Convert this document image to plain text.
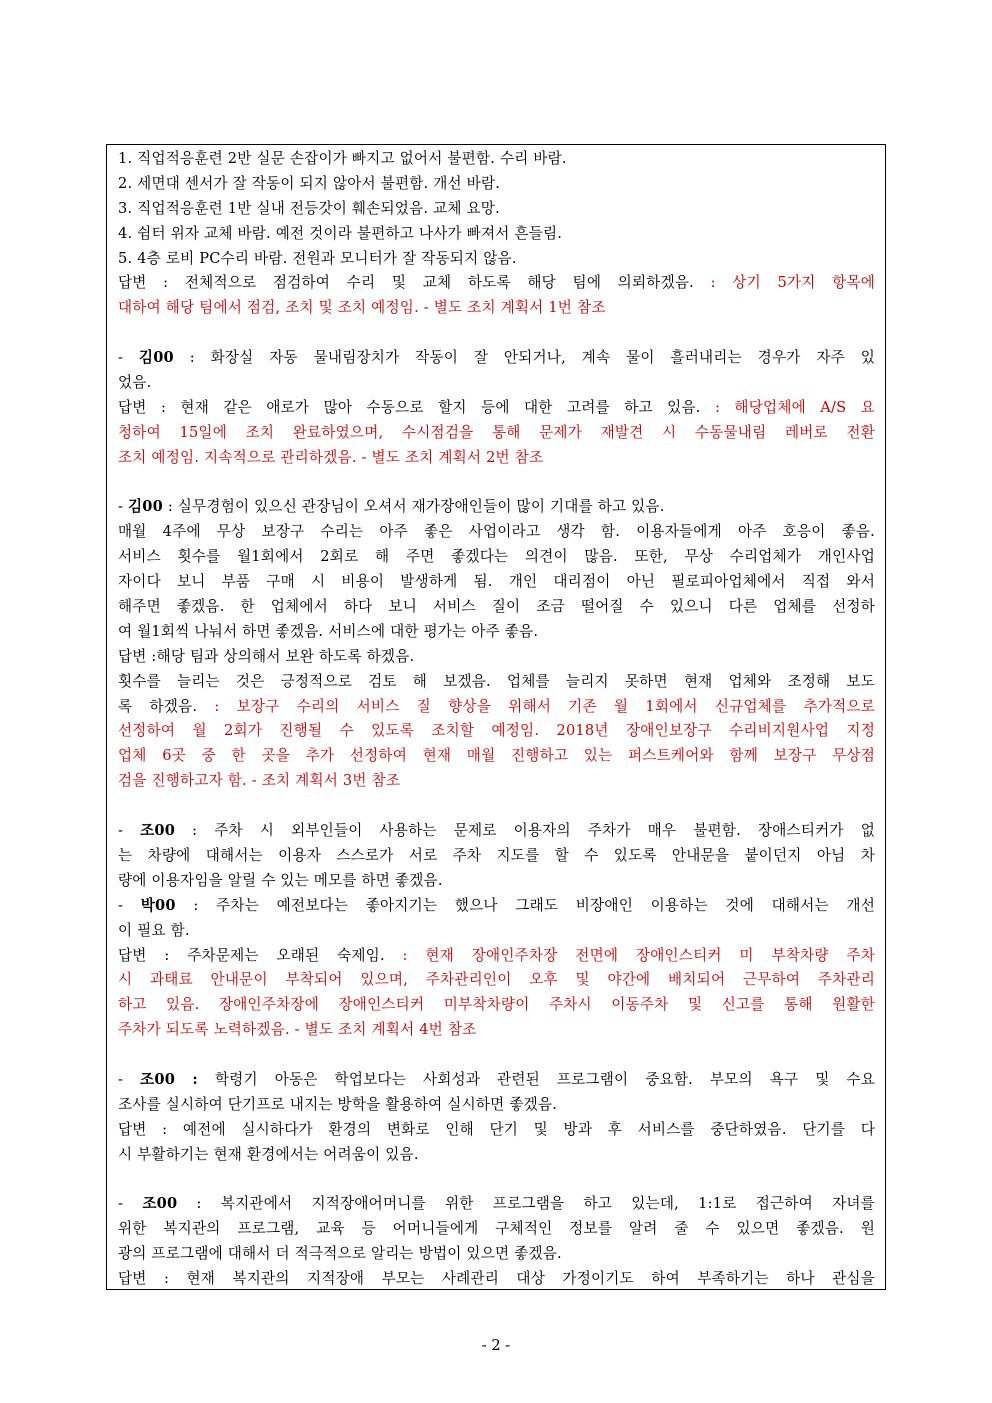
1. 직업적응훈련 2반 실문 손잡이가 빠지고 없어서 불편함. 수리 바람.
2. 세면대 센서가 잘 작동이 되지 않아서 불편함. 개선 바람.
3. 직업적응훈련 1반 실내 전등갓이 훼손되었음. 교체 요망.
4. 쉼터 위자 교체 바람. 예전 것이라 불편하고 나사가 빠져서 흔들림.
5. 4층 로비 PC수리 바람. 전원과 모니터가 잘 작동되지 않음.
답변 : 전체적으로 점검하여 수리 및 교체 하도록 해당 팀에 의뢰하겠음. : 상기 5가지 항목에
대하여 해당 팀에서 점검, 조치 및 조치 예정임. - 별도 조치 계획서 1번 참조
- 김00 : 화장실 자동 물내림장치가 작동이 잘 안되거나, 계속 물이 흘러내리는 경우가 자주 있
었음.
답변 : 현재 같은 애로가 많아 수동으로 할지 등에 대한 고려를 하고 있음. : 해당업체에 A/S 요
청하여 15일에 조치 완료하였으며, 수시점검을 통해 문제가 재발견 시 수동물내림 레버로 전환
조치 예정임. 지속적으로 관리하겠음. - 별도 조치 계획서 2번 참조
- 김00 : 실무경험이 있으신 관장님이 오셔서 재가장애인들이 많이 기대를 하고 있음.
매월 4주에 무상 보장구 수리는 아주 좋은 사업이라고 생각 함. 이용자들에게 아주 호응이 좋음.
서비스 횟수를 월1회에서 2회로 해 주면 좋겠다는 의견이 많음. 또한, 무상 수리업체가 개인사업
자이다 보니 부품 구매 시 비용이 발생하게 됨. 개인 대리점이 아닌 필로피아업체에서 직접 와서
해주면 좋겠음. 한 업체에서 하다 보니 서비스 질이 조금 떨어질 수 있으니 다른 업체를 선정하
여 월1회씩 나눠서 하면 좋겠음. 서비스에 대한 평가는 아주 좋음.
답변 :해당 팀과 상의해서 보완 하도록 하겠음.
횟수를 늘리는 것은 긍정적으로 검토 해 보겠음. 업체를 늘리지 못하면 현재 업체와 조정해 보도
록 하겠음. : 보장구 수리의 서비스 질 향상을 위해서 기존 월 1회에서 신규업체를 추가적으로
선정하여 월 2회가 진행될 수 있도록 조치할 예정임. 2018년 장애인보장구 수리비지원사업 지정
업체 6곳 중 한 곳을 추가 선정하여 현재 매월 진행하고 있는 퍼스트케어와 함께 보장구 무상점
검을 진행하고자 함. - 조치 계획서 3번 참조
- 조00 : 주차 시 외부인들이 사용하는 문제로 이용자의 주차가 매우 불편함. 장애스티커가 없
는 차량에 대해서는 이용자 스스로가 서로 주차 지도를 할 수 있도록 안내문을 붙이던지 아님 차
량에 이용자임을 알릴 수 있는 메모를 하면 좋겠음.
- 박00 : 주차는 예전보다는 좋아지기는 했으나 그래도 비장애인 이용하는 것에 대해서는 개선
이 필요 함.
답변 : 주차문제는 오래된 숙제임. : 현재 장애인주차장 전면에 장애인스티커 미 부착차량 주차
시 과태료 안내문이 부착되어 있으며, 주차관리인이 오후 및 야간에 배치되어 근무하여 주차관리
하고 있음. 장애인주차장에 장애인스티커 미부착차량이 주차시 이동주차 및 신고를 통해 원활한
주차가 되도록 노력하겠음. - 별도 조치 계획서 4번 참조
- 조00 : 학령기 아동은 학업보다는 사회성과 관련된 프로그램이 중요함. 부모의 욕구 및 수요
조사를 실시하여 단기프로 내지는 방학을 활용하여 실시하면 좋겠음.
답변 : 예전에 실시하다가 환경의 변화로 인해 단기 및 방과 후 서비스를 중단하였음. 단기를 다
시 부활하기는 현재 환경에서는 어려움이 있음.
- 조00 : 복지관에서 지적장애어머니를 위한 프로그램을 하고 있는데, 1:1로 접근하여 자녀를
위한 복지관의 프로그램, 교육 등 어머니들에게 구체적인 정보를 알려 줄 수 있으면 좋겠음. 원
광의 프로그램에 대해서 더 적극적으로 알리는 방법이 있으면 좋겠음.
답변 : 현재 복지관의 지적장애 부모는 사례관리 대상 가정이기도 하여 부족하기는 하나 관심을
- 2 -
